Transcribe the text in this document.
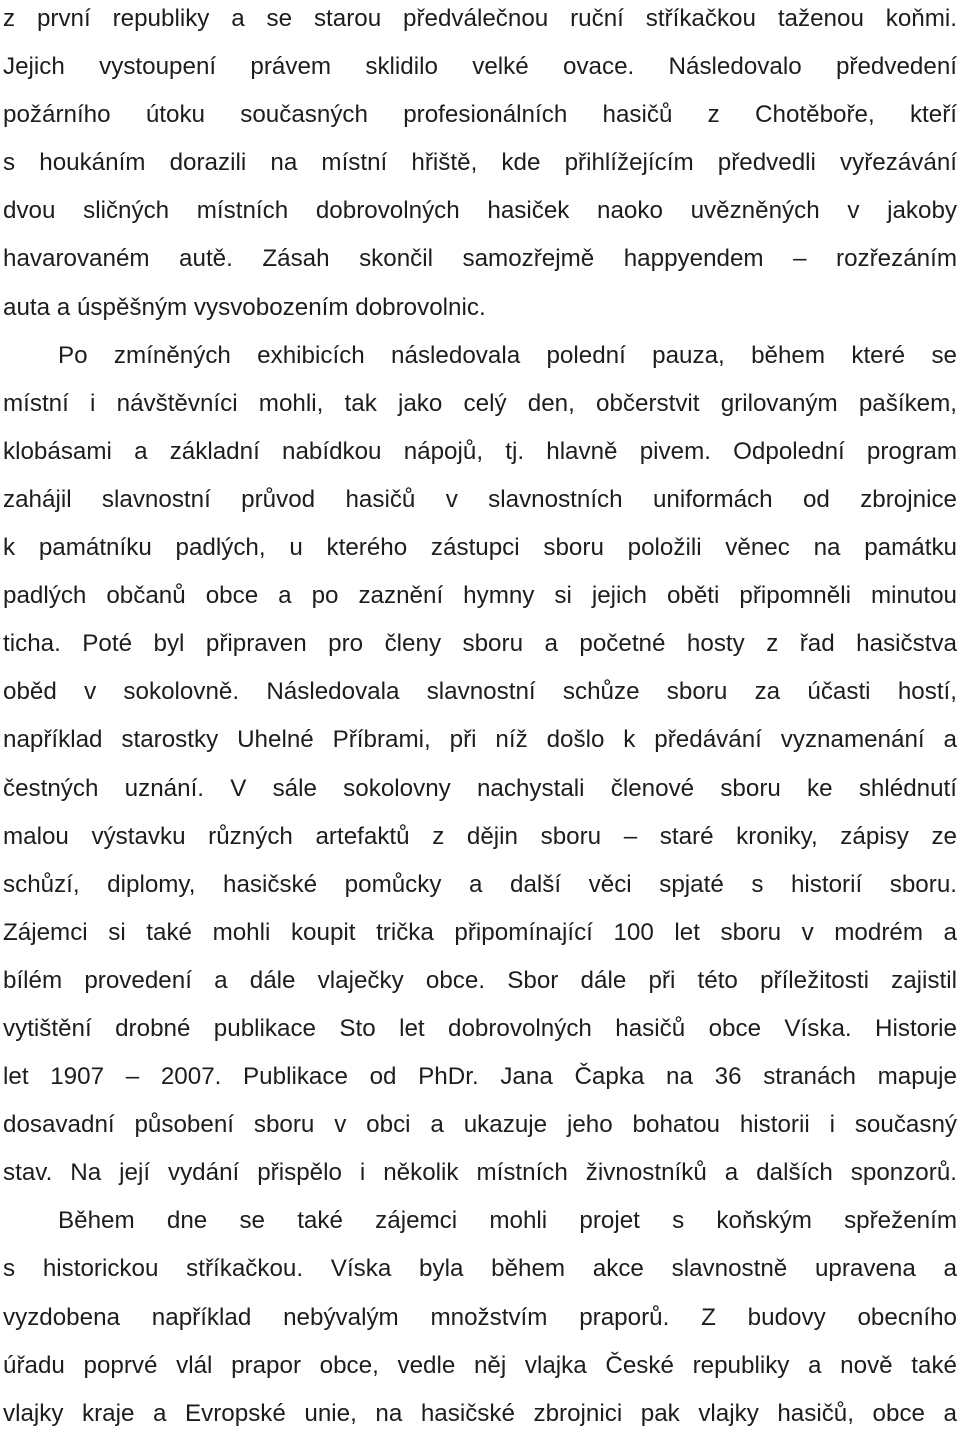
z první republiky a se starou předválečnou ruční stříkačkou taženou koňmi.
Jejich vystoupení právem sklidilo velké ovace. Následovalo předvedení
požárního útoku současných profesionálních hasičů z Chotěboře, kteří
s houkáním dorazili na místní hřiště, kde přihlížejícím předvedli vyřezávání
dvou sličných místních dobrovolných hasiček naoko uvězněných v jakoby
havarovaném autě. Zásah skončil samozřejmě happyendem – rozřezáním
auta a úspěšným vysvobozením dobrovolnic.
Po zmíněných exhibicích následovala polední pauza, během které se
místní i návštěvníci mohli, tak jako celý den, občerstvit grilovaným pašíkem,
klobásami a základní nabídkou nápojů, tj. hlavně pivem. Odpolední program
zahájil slavnostní průvod hasičů v slavnostních uniformách od zbrojnice
k památníku padlých, u kterého zástupci sboru položili věnec na památku
padlých občanů obce a po zaznění hymny si jejich oběti připomněli minutou
ticha. Poté byl připraven pro členy sboru a početné hosty z řad hasičstva
oběd v sokolovně. Následovala slavnostní schůze sboru za účasti hostí,
například starostky Uhelné Příbrami, při níž došlo k předávání vyznamenání a
čestných uznání. V sále sokolovny nachystali členové sboru ke shlédnutí
malou výstavku různých artefaktů z dějin sboru – staré kroniky, zápisy ze
schůzí, diplomy, hasičské pomůcky a další věci spjaté s historií sboru.
Zájemci si také mohli koupit trička připomínající 100 let sboru v modrém a
bílém provedení a dále vlaječky obce. Sbor dále při této příležitosti zajistil
vytištění drobné publikace Sto let dobrovolných hasičů obce Víska. Historie
let 1907 – 2007. Publikace od PhDr. Jana Čapka na 36 stranách mapuje
dosavadní působení sboru v obci a ukazuje jeho bohatou historii i současný
stav. Na její vydání přispělo i několik místních živnostníků a dalších sponzorů.
Během dne se také zájemci mohli projet s koňským spřežením
s historickou stříkačkou. Víska byla během akce slavnostně upravena a
vyzdobena například nebývalým množstvím praporů. Z budovy obecního
úřadu poprvé vlál prapor obce, vedle něj vlajka České republiky a nově také
vlajky kraje a Evropské unie, na hasičské zbrojnici pak vlajky hasičů, obce a
